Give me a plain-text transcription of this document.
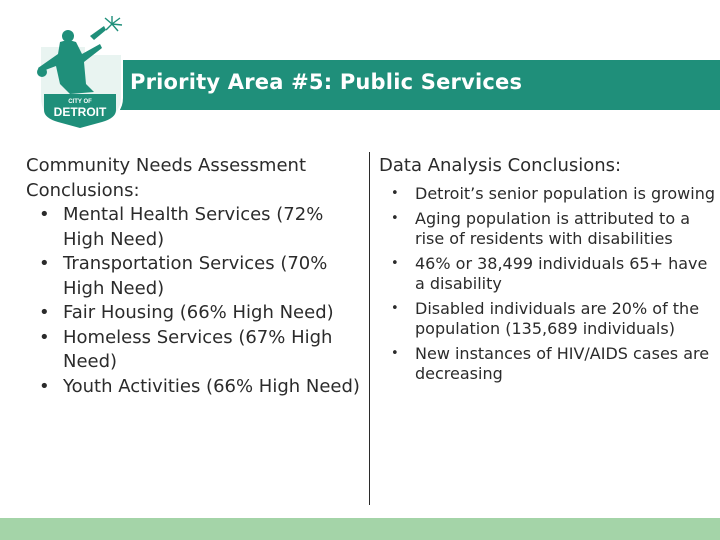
Priority Area #5: Public Services
CITY OF
DETROIT

Community Needs Assessment Conclusions:

• Mental Health Services (72% High Need)
• Transportation Services (70% High Need)
• Fair Housing (66% High Need)
• Homeless Services (67% High Need)
• Youth Activities (66% High Need)

Data Analysis Conclusions:

• Detroit’s senior population is growing
• Aging population is attributed to a rise of residents with disabilities
• 46% or 38,499 individuals 65+ have a disability
• Disabled individuals are 20% of the population (135,689 individuals)
• New instances of HIV/AIDS cases are decreasing
